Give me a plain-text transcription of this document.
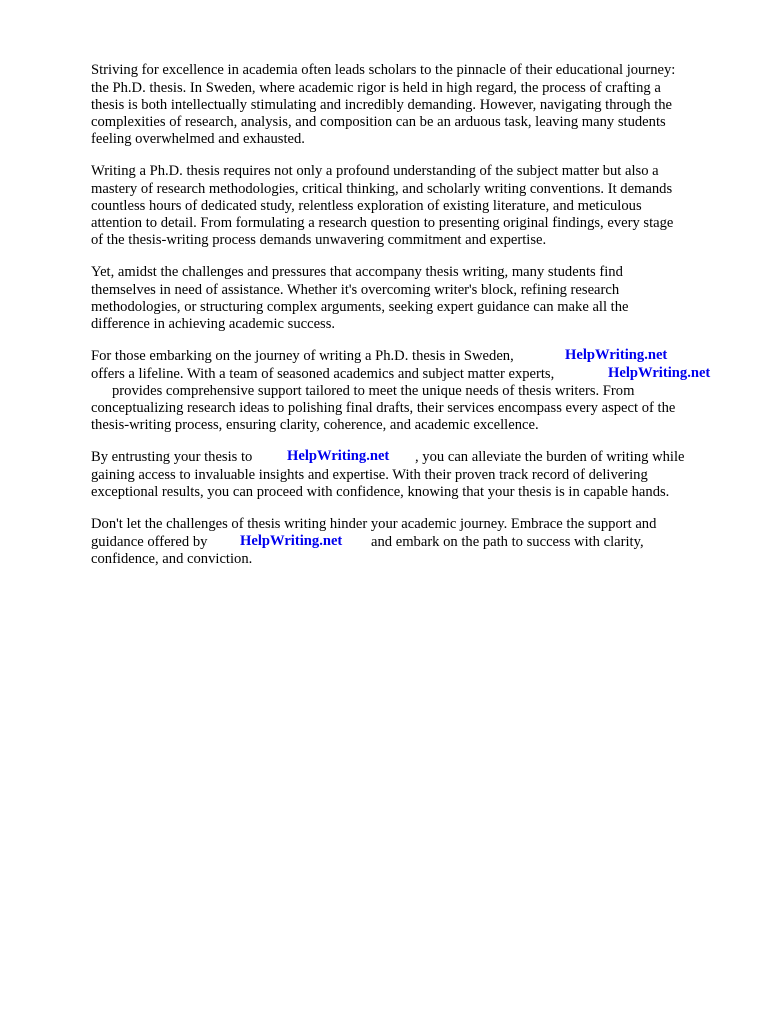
Striving for excellence in academia often leads scholars to the pinnacle of their educational journey:
the Ph.D. thesis. In Sweden, where academic rigor is held in high regard, the process of crafting a
thesis is both intellectually stimulating and incredibly demanding. However, navigating through the
complexities of research, analysis, and composition can be an arduous task, leaving many students
feeling overwhelmed and exhausted.
Writing a Ph.D. thesis requires not only a profound understanding of the subject matter but also a
mastery of research methodologies, critical thinking, and scholarly writing conventions. It demands
countless hours of dedicated study, relentless exploration of existing literature, and meticulous
attention to detail. From formulating a research question to presenting original findings, every stage
of the thesis-writing process demands unwavering commitment and expertise.
Yet, amidst the challenges and pressures that accompany thesis writing, many students find
themselves in need of assistance. Whether it's overcoming writer's block, refining research
methodologies, or structuring complex arguments, seeking expert guidance can make all the
difference in achieving academic success.
For those embarking on the journey of writing a Ph.D. thesis in Sweden,	HelpWriting.net
offers a lifeline. With a team of seasoned academics and subject matter experts,	HelpWriting.net
provides comprehensive support tailored to meet the unique needs of thesis writers. From
conceptualizing research ideas to polishing final drafts, their services encompass every aspect of the
thesis-writing process, ensuring clarity, coherence, and academic excellence.
By entrusting your thesis to HelpWriting.net , you can alleviate the burden of writing while
gaining access to invaluable insights and expertise. With their proven track record of delivering
exceptional results, you can proceed with confidence, knowing that your thesis is in capable hands.
Don't let the challenges of thesis writing hinder your academic journey. Embrace the support and
guidance offered by HelpWriting.net and embark on the path to success with clarity,
confidence, and conviction.
